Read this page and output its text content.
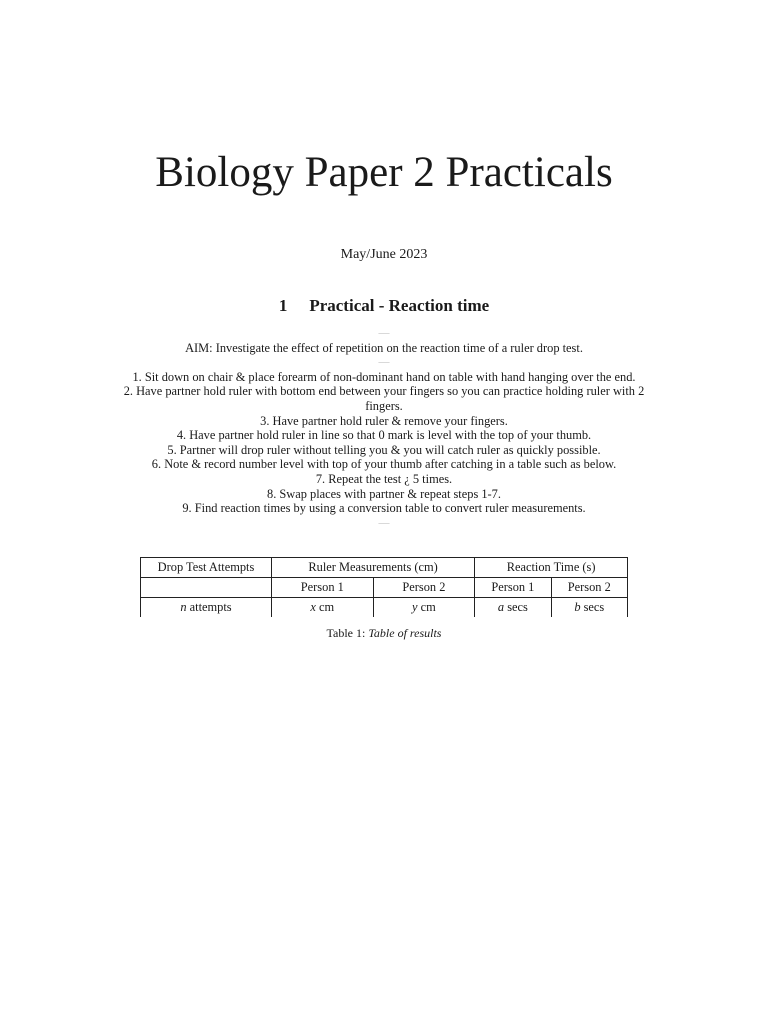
Biology Paper 2 Practicals
May/June 2023
1 Practical - Reaction time
—

AIM: Investigate the effect of repetition on the reaction time of a ruler drop test.

—

1. Sit down on chair & place forearm of non-dominant hand on table with hand hanging over the end.

2. Have partner hold ruler with bottom end between your fingers so you can practice holding ruler with 2 fingers.

3. Have partner hold ruler & remove your fingers.

4. Have partner hold ruler in line so that 0 mark is level with the top of your thumb.

5. Partner will drop ruler without telling you & you will catch ruler as quickly possible.

6. Note & record number level with top of your thumb after catching in a table such as below.

7. Repeat the test ¿ 5 times.

8. Swap places with partner & repeat steps 1-7.

9. Find reaction times by using a conversion table to convert ruler measurements.

—
Drop Test Attempts	Ruler Measurements (cm)		Reaction Time (s)	
	Person 1	Person 2	Person 1	Person 2
n attempts	x cm	y cm	a secs	b secs
Table 1: Table of results
